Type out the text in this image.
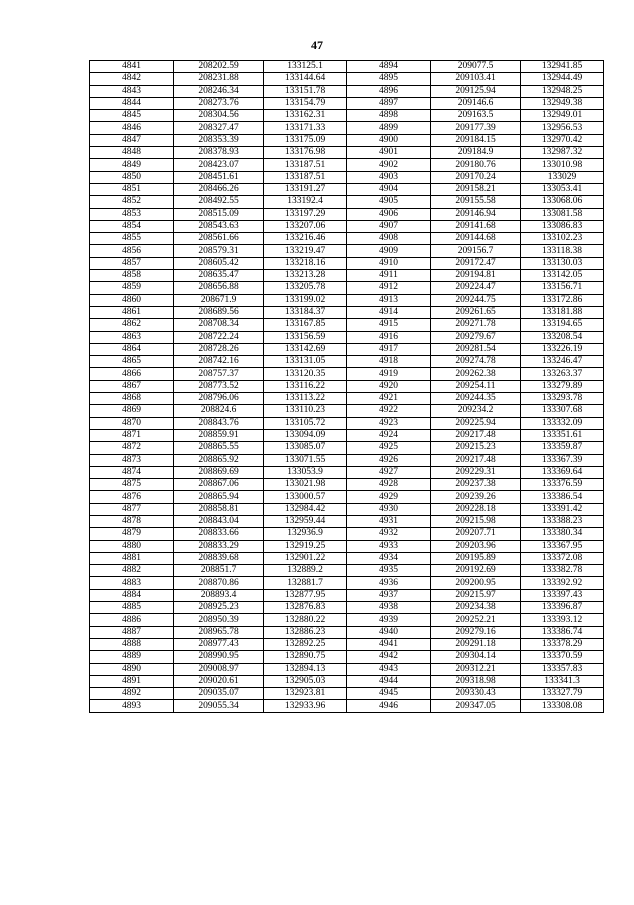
47
4841	208202.59	133125.1	4894	209077.5	132941.85
4842	208231.88	133144.64	4895	209103.41	132944.49
4843	208246.34	133151.78	4896	209125.94	132948.25
4844	208273.76	133154.79	4897	209146.6	132949.38
4845	208304.56	133162.31	4898	209163.5	132949.01
4846	208327.47	133171.33	4899	209177.39	132956.53
4847	208353.39	133175.09	4900	209184.15	132970.42
4848	208378.93	133176.98	4901	209184.9	132987.32
4849	208423.07	133187.51	4902	209180.76	133010.98
4850	208451.61	133187.51	4903	209170.24	133029
4851	208466.26	133191.27	4904	209158.21	133053.41
4852	208492.55	133192.4	4905	209155.58	133068.06
4853	208515.09	133197.29	4906	209146.94	133081.58
4854	208543.63	133207.06	4907	209141.68	133086.83
4855	208561.66	133216.46	4908	209144.68	133102.23
4856	208579.31	133219.47	4909	209156.7	133118.38
4857	208605.42	133218.16	4910	209172.47	133130.03
4858	208635.47	133213.28	4911	209194.81	133142.05
4859	208656.88	133205.78	4912	209224.47	133156.71
4860	208671.9	133199.02	4913	209244.75	133172.86
4861	208689.56	133184.37	4914	209261.65	133181.88
4862	208708.34	133167.85	4915	209271.78	133194.65
4863	208722.24	133156.59	4916	209279.67	133208.54
4864	208728.26	133142.69	4917	209281.54	133226.19
4865	208742.16	133131.05	4918	209274.78	133246.47
4866	208757.37	133120.35	4919	209262.38	133263.37
4867	208773.52	133116.22	4920	209254.11	133279.89
4868	208796.06	133113.22	4921	209244.35	133293.78
4869	208824.6	133110.23	4922	209234.2	133307.68
4870	208843.76	133105.72	4923	209225.94	133332.09
4871	208859.91	133094.09	4924	209217.48	133351.61
4872	208865.55	133085.07	4925	209215.23	133359.87
4873	208865.92	133071.55	4926	209217.48	133367.39
4874	208869.69	133053.9	4927	209229.31	133369.64
4875	208867.06	133021.98	4928	209237.38	133376.59
4876	208865.94	133000.57	4929	209239.26	133386.54
4877	208858.81	132984.42	4930	209228.18	133391.42
4878	208843.04	132959.44	4931	209215.98	133388.23
4879	208833.66	132936.9	4932	209207.71	133380.34
4880	208833.29	132919.25	4933	209203.96	133367.95
4881	208839.68	132901.22	4934	209195.89	133372.08
4882	208851.7	132889.2	4935	209192.69	133382.78
4883	208870.86	132881.7	4936	209200.95	133392.92
4884	208893.4	132877.95	4937	209215.97	133397.43
4885	208925.23	132876.83	4938	209234.38	133396.87
4886	208950.39	132880.22	4939	209252.21	133393.12
4887	208965.78	132886.23	4940	209279.16	133386.74
4888	208977.43	132892.25	4941	209291.18	133378.29
4889	208990.95	132890.75	4942	209304.14	133370.59
4890	209008.97	132894.13	4943	209312.21	133357.83
4891	209020.61	132905.03	4944	209318.98	133341.3
4892	209035.07	132923.81	4945	209330.43	133327.79
4893	209055.34	132933.96	4946	209347.05	133308.08
